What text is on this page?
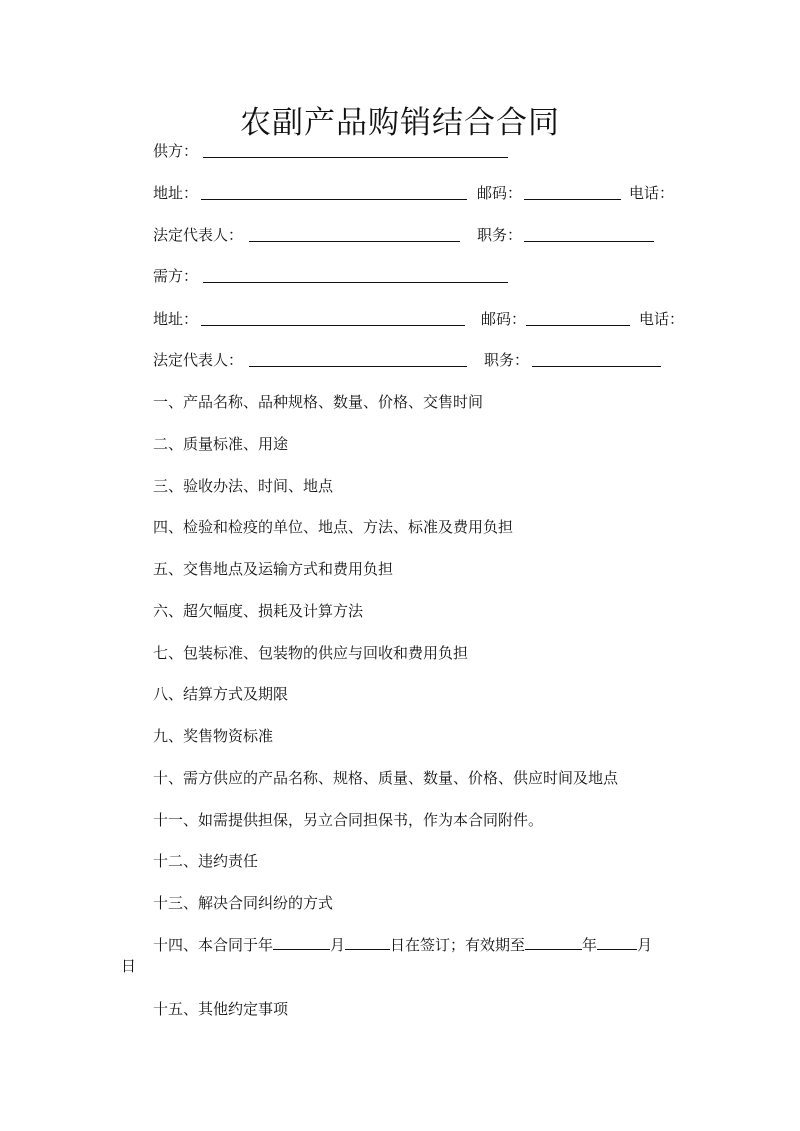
农副产品购销结合合同
供方：
地址：	邮码：	电话：
法定代表人：	职务：
需方：
地址：	邮码：	电话：
法定代表人：	职务：
一、产品名称、品种规格、数量、价格、交售时间
二、质量标准、用途
三、验收办法、时间、地点
四、检验和检疫的单位、地点、方法、标准及费用负担
五、交售地点及运输方式和费用负担
六、超欠幅度、损耗及计算方法
七、包装标准、包装物的供应与回收和费用负担
八、结算方式及期限
九、奖售物资标准
十、需方供应的产品名称、规格、质量、数量、价格、供应时间及地点
十一、如需提供担保，另立合同担保书，作为本合同附件。
十二、违约责任
十三、解决合同纠纷的方式
十四、本合同于年	月	日在签订；有效期至	年	月
日
十五、其他约定事项
